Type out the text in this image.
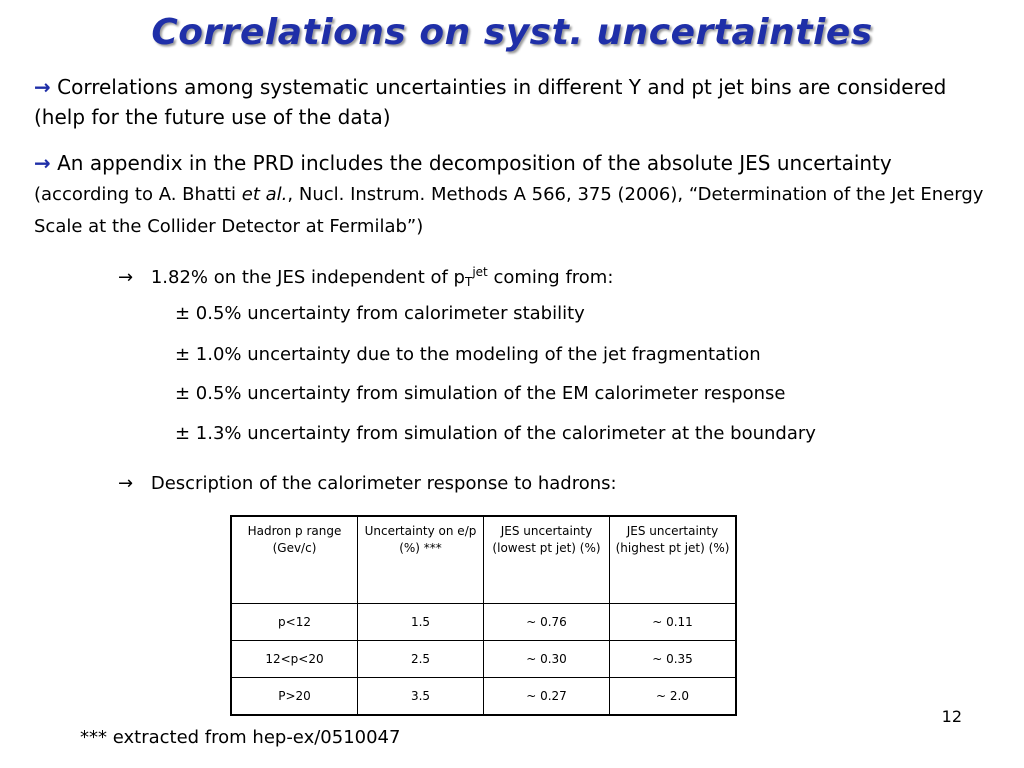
Correlations on syst. uncertainties
→ Correlations among systematic uncertainties in different Y and pt jet bins are considered (help for the future use of the data)
→ An appendix in the PRD includes the decomposition of the absolute JES uncertainty (according to A. Bhatti et al., Nucl. Instrum. Methods A 566, 375 (2006), “Determination of the Jet Energy Scale at the Collider Detector at Fermilab”)
→ 1.82% on the JES independent of $p_T^{jet}$ coming from:
± 0.5% uncertainty from calorimeter stability
± 1.0% uncertainty due to the modeling of the jet fragmentation
± 0.5% uncertainty from simulation of the EM calorimeter response
± 1.3% uncertainty from simulation of the calorimeter at the boundary
→ Description of the calorimeter response to hadrons:
Hadron p range (Gev/c)	Uncertainty on e/p (%) ***	JES uncertainty (lowest pt jet) (%)	JES uncertainty (highest pt jet) (%)
p<12	1.5	~ 0.76	~ 0.11
12<p<20	2.5	~ 0.30	~ 0.35
P>20	3.5	~ 0.27	~ 2.0
12
*** extracted from hep-ex/0510047
